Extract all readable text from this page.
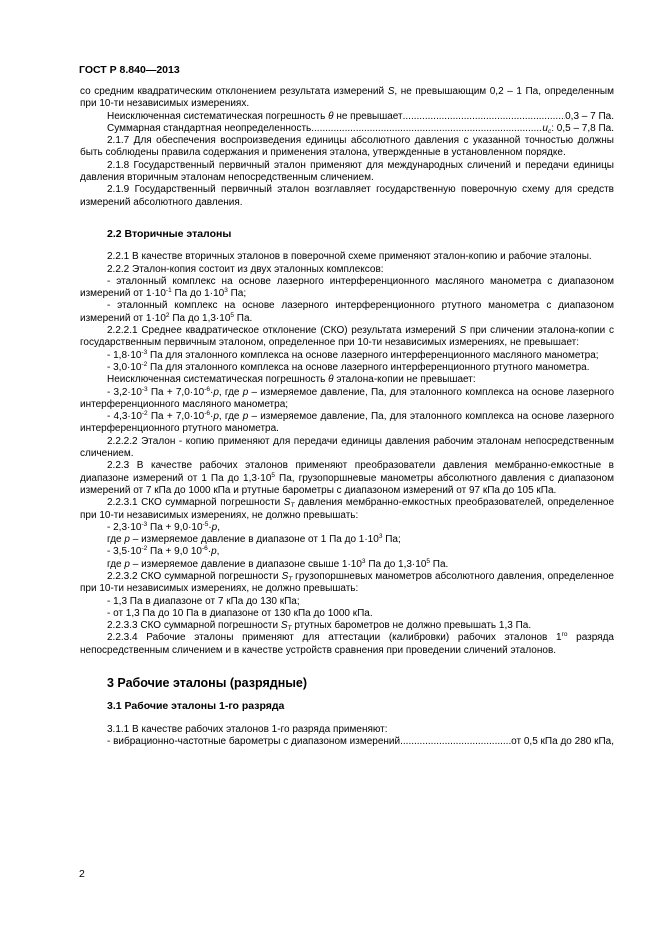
ГОСТ Р 8.840—2013

со средним квадратическим отклонением результата измерений S, не превышающим 0,2 – 1 Па, определенным при 10-ти независимых измерениях.

Неисключенная систематическая погрешность θ не превышает .....	0,3 – 7 Па.
Суммарная стандартная неопределенность .....	$u_c$: 0,5 – 7,8 Па.

2.1.7 Для обеспечения воспроизведения единицы абсолютного давления с указанной точностью должны быть соблюдены правила содержания и применения эталона, утвержденные в установленном порядке.

2.1.8 Государственный первичный эталон применяют для международных сличений и передачи единицы давления вторичным эталонам непосредственным сличением.

2.1.9 Государственный первичный эталон возглавляет государственную поверочную схему для средств измерений абсолютного давления.

2.2 Вторичные эталоны

2.2.1 В качестве вторичных эталонов в поверочной схеме применяют эталон-копию и рабочие эталоны.

2.2.2 Эталон-копия состоит из двух эталонных комплексов:

- эталонный комплекс на основе лазерного интерференционного масляного манометра с диапазоном измерений от $1\cdot 10^{-1}$ Па до $1\cdot 10^3$ Па;

- эталонный комплекс на основе лазерного интерференционного ртутного манометра с диапазоном измерений от $1\cdot 10^2$ Па до $1,3\cdot 10^5$ Па.

2.2.2.1 Среднее квадратическое отклонение (СКО) результата измерений S при сличении эталона-копии с государственным первичным эталоном, определенное при 10-ти независимых измерениях, не превышает:

- $1,8\cdot 10^{-3}$ Па для эталонного комплекса на основе лазерного интерференционного масляного манометра;

- $3,0\cdot 10^{-2}$ Па для эталонного комплекса на основе лазерного интерференционного ртутного манометра.

Неисключенная систематическая погрешность θ эталона-копии не превышает:

- $3,2\cdot 10^{-3}$ Па + $7,0\cdot 10^{-6}\cdot p$, где p – измеряемое давление, Па, для эталонного комплекса на основе лазерного интерференционного масляного манометра;

- $4,3\cdot 10^{-2}$ Па + $7,0\cdot 10^{-6}\cdot p$, где p – измеряемое давление, Па, для эталонного комплекса на основе лазерного интерференционного ртутного манометра.

2.2.2.2 Эталон - копию применяют для передачи единицы давления рабочим эталонам непосредственным сличением.

2.2.3 В качестве рабочих эталонов применяют преобразователи давления мембранно-емкостные в диапазоне измерений от 1 Па до $1,3\cdot 10^5$ Па, грузопоршневые манометры абсолютного давления с диапазоном измерений от 7 кПа до 1000 кПа и ртутные барометры с диапазоном измерений от 97 кПа до 105 кПа.

2.2.3.1 СКО суммарной погрешности $S_T$ давления мембранно-емкостных преобразователей, определенное при 10-ти независимых измерениях, не должно превышать:

- $2,3\cdot 10^{-3}$ Па + $9,0\cdot 10^{-5}\cdot p$,

где p – измеряемое давление в диапазоне от 1 Па до $1\cdot 10^3$ Па;

- $3,5\cdot 10^{-2}$ Па + 9,0 $10^{-6}\cdot p$,

где p – измеряемое давление в диапазоне свыше $1\cdot 10^3$ Па до $1,3\cdot 10^5$ Па.

2.2.3.2 СКО суммарной погрешности $S_T$ грузопоршневых манометров абсолютного давления, определенное при 10-ти независимых измерениях, не должно превышать:

- 1,3 Па в диапазоне от 7 кПа до 130 кПа;

- от 1,3 Па до 10 Па в диапазоне от 130 кПа до 1000 кПа.

2.2.3.3 СКО суммарной погрешности $S_T$ ртутных барометров не должно превышать 1,3 Па.

2.2.3.4 Рабочие эталоны применяют для аттестации (калибровки) рабочих эталонов $1^{го}$ разряда непосредственным сличением и в качестве устройств сравнения при проведении сличений эталонов.

3 Рабочие эталоны (разрядные)

3.1 Рабочие эталоны 1-го разряда

3.1.1 В качестве рабочих эталонов 1-го разряда применяют:

- вибрационно-частотные барометры с диапазоном измерений .....	от 0,5 кПа до 280 кПа,
2
